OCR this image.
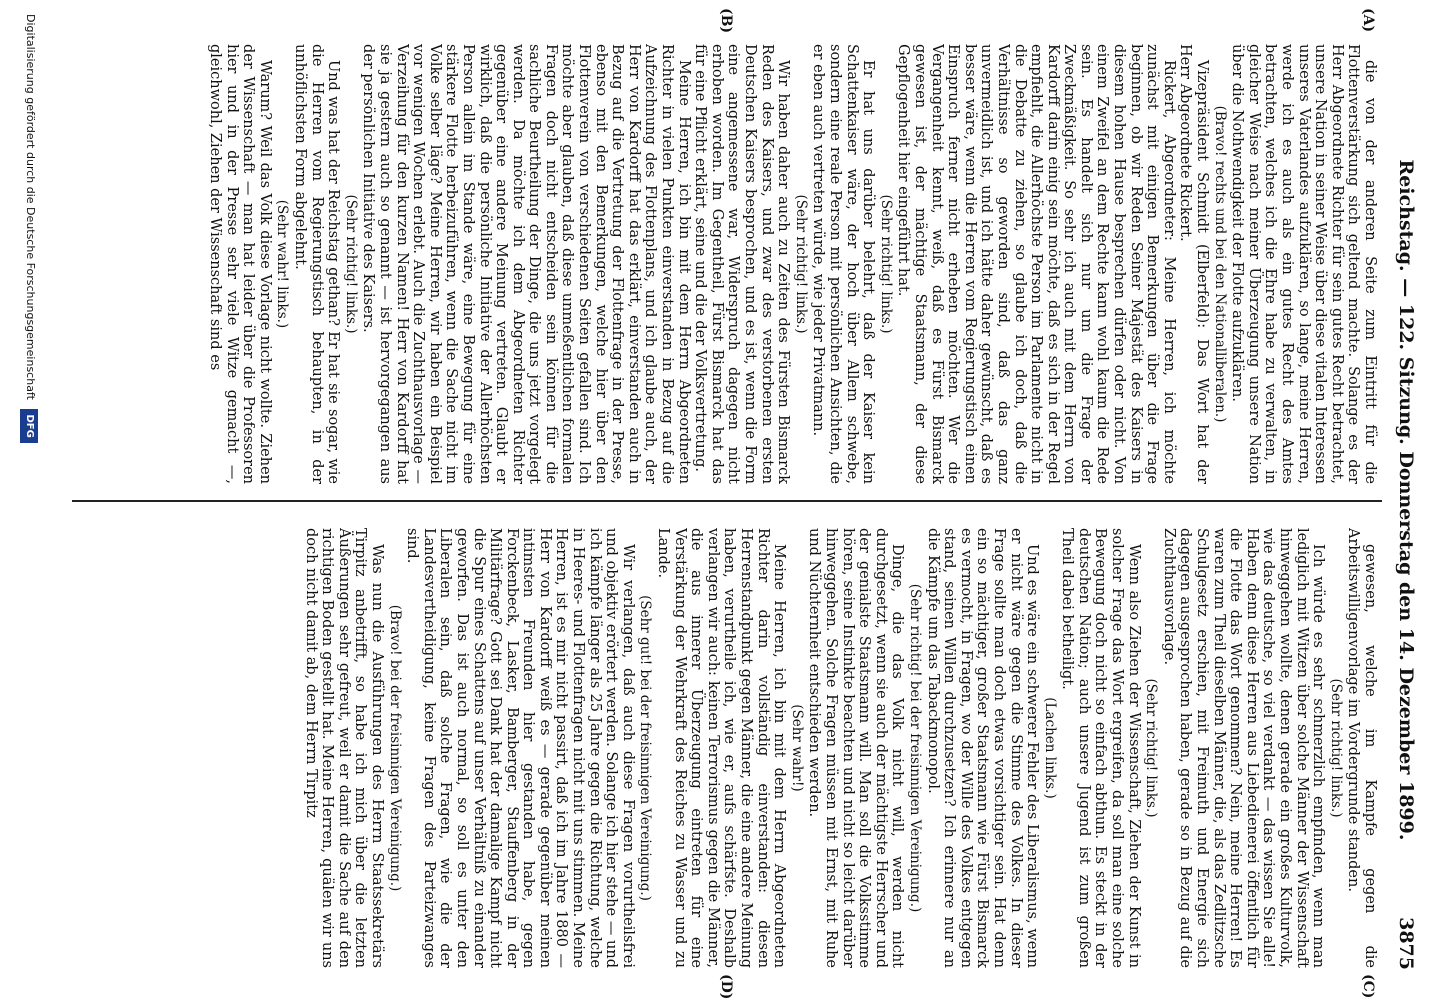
Reichstag. — 122. Sitzung. Donnerstag den 14. Dezember 1899.
3875
(A)
(B)
(C)
(D)

die von der anderen Seite zum Eintritt für die Flottenverstärkung sich geltend machte. Solange es der Herr Abgeordnete Richter für sein gutes Recht betrachtet, unsere Nation in seiner Weise über diese vitalen Interessen unseres Vaterlandes aufzuklären, so lange, meine Herren, werde ich es auch als ein gutes Recht des Amtes betrachten, welches ich die Ehre habe zu verwalten, in gleicher Weise nach meiner Überzeugung unsere Nation über die Nothwendigkeit der Flotte aufzuklären.

(Bravo! rechts und bei den Nationalliberalen.)

Vizepräsident Schmidt (Elberfeld): Das Wort hat der Herr Abgeordnete Rickert.

Rickert, Abgeordneter: Meine Herren, ich möchte zunächst mit einigen Bemerkungen über die Frage beginnen, ob wir Reden Seiner Majestät des Kaisers in diesem hohen Hause besprechen dürfen oder nicht. Von einem Zweifel an dem Rechte kann wohl kaum die Rede sein. Es handelt sich nur um die Frage der Zweckmäßigkeit. So sehr ich auch mit dem Herrn von Kardorff darin einig sein möchte, daß es sich in der Regel empfiehlt, die Allerhöchste Person im Parlamente nicht in die Debatte zu ziehen, so glaube ich doch, daß die Verhältnisse so geworden sind, daß das ganz unvermeidlich ist, und ich hätte daher gewünscht, daß es besser wäre, wenn die Herren vom Regierungstisch einen Einspruch ferner nicht erheben möchten. Wer die Vergangenheit kennt, weiß, daß es Fürst Bismarck gewesen ist, der mächtige Staatsmann, der diese Gepflogenheit hier eingeführt hat.

(Sehr richtig! links.)

Er hat uns darüber belehrt, daß der Kaiser kein Schattenkaiser wäre, der hoch über Allem schwebe, sondern eine reale Person mit persönlichen Ansichten, die er eben auch vertreten würde, wie jeder Privatmann.

(Sehr richtig! links.)

Wir haben daher auch zu Zeiten des Fürsten Bismarck Reden des Kaisers, und zwar des verstorbenen ersten Deutschen Kaisers besprochen, und es ist, wenn die Form eine angemessene war, Widerspruch dagegen nicht erhoben worden. Im Gegentheil, Fürst Bismarck hat das für eine Pflicht erklärt, seine und die der Volksvertretung.

Meine Herren, ich bin mit dem Herrn Abgeordneten Richter in vielen Punkten einverstanden in Bezug auf die Aufzeichnung des Flottenplans, und ich glaube auch, der Herr von Kardorff hat das erklärt, einverstanden auch in Bezug auf die Vertretung der Flottenfrage in der Presse, ebenso mit den Bemerkungen, welche hier über den Flottenverein von verschiedenen Seiten gefallen sind. Ich möchte aber glauben, daß diese unmeßentlichen formalen Fragen doch nicht entscheiden sein können für die sachliche Beurtheilung der Dinge, die uns jetzt vorgelegt werden. Da möchte ich dem Abgeordneten Richter gegenüber eine andere Meinung vertreten. Glaubt er wirklich, daß die persönliche Initiative der Allerhöchsten Person allein im Stande wäre, eine Bewegung für eine stärkere Flotte herbeizuführen, wenn die Sache nicht im Volke selber läge? Meine Herren, wir haben ein Beispiel vor wenigen Wochen erlebt. Auch die Zuchthausvorlage — Verzeihung für den kurzen Namen! Herr von Kardorff hat sie ja gestern auch so genannt — ist hervorgegangen aus der persönlichen Initiative des Kaisers.

(Sehr richtig! links.)

Und was hat der Reichstag gethan? Er hat sie sogar, wie die Herren vom Regierungstisch behaupten, in der unhöflichsten Form abgelehnt.

(Sehr wahr! links.)

Warum? Weil das Volk diese Vorlage nicht wollte. Ziehen der Wissenschaft — man hat leider über die Professoren hier und in der Presse sehr viele Witze gemacht —, gleichwohl, Ziehen der Wissenschaft sind es

gewesen, welche im Kampfe gegen die Arbeitswilligenvorlage im Vordergrunde standen.

(Sehr richtig! links.)

Ich würde es sehr schmerzlich empfinden, wenn man lediglich mit Witzen über solche Männer der Wissenschaft hinweggehen wollte, denen gerade ein großes Kulturvolk, wie das deutsche, so viel verdankt — das wissen Sie alle! Haben denn diese Herren aus Liebedienerei öffentlich für die Flotte das Wort genommen? Nein, meine Herren! Es waren zum Theil dieselben Männer, die, als das Zedlitzsche Schulgesetz erschien, mit Freimuth und Energie sich dagegen ausgesprochen haben, gerade so in Bezug auf die Zuchthausvorlage.

(Sehr richtig! links.)

Wenn also Ziehen der Wissenschaft, Ziehen der Kunst in solcher Frage das Wort ergreifen, da soll man eine solche Bewegung doch nicht so einfach abthun. Es steckt in der deutschen Nation; auch unsere Jugend ist zum großen Theil dabei betheiligt.

(Lachen links.)

Und es wäre ein schwerer Fehler des Liberalismus, wenn er nicht wäre gegen die Stimme des Volkes. In dieser Frage sollte man doch etwas vorsichtiger sein. Hat denn ein so mächtiger, großer Staatsmann wie Fürst Bismarck es vermocht, in Fragen, wo der Wille des Volkes entgegen stand, seinen Willen durchzusetzen? Ich erinnere nur an die Kämpfe um das Tabackmonopol.

(Sehr richtig! bei der freisinnigen Vereinigung.)

Dinge, die das Volk nicht will, werden nicht durchgesetzt, wenn sie auch der mächtigste Herrscher und der genialste Staatsmann will. Man soll die Volksstimme hören, seine Instinkte beachten und nicht so leicht darüber hinweggehen. Solche Fragen müssen mit Ernst, mit Ruhe und Nüchternheit entschieden werden.

(Sehr wahr!)

Meine Herren, ich bin mit dem Herrn Abgeordneten Richter darin vollständig einverstanden: diesen Herrenstandpunkt gegen Männer, die eine andere Meinung haben, verurtheile ich, wie er, aufs schärfste. Deshalb verlangen wir auch: keinen Terrorismus gegen die Männer, die aus innerer Überzeugung eintreten für eine Verstärkung der Wehrkraft des Reiches zu Wasser und zu Lande.

(Sehr gut! bei der freisinnigen Vereinigung.)

Wir verlangen, daß auch diese Fragen vorurtheilsfrei und objektiv erörtert werden. Solange ich hier stehe — und ich kämpfe länger als 25 Jahre gegen die Richtung, welche in Heeres- und Flottenfragen nicht mit uns stimmen. Meine Herren, ist es mir nicht passirt, daß ich im Jahre 1880 — Herr von Kardorff weiß es — gerade gegenüber meinen intimsten Freunden hier gestanden habe, gegen Forckenbeck, Lasker, Bamberger, Stauffenberg in der Militärfrage? Gott sei Dank hat der damalige Kampf nicht die Spur eines Schattens auf unser Verhältniß zu einander geworfen. Das ist auch normal, so soll es unter den Liberalen sein, daß solche Fragen, wie die der Landesvertheidigung, keine Fragen des Parteizwanges sind.

(Bravo! bei der freisinnigen Vereinigung.)

Was nun die Ausführungen des Herrn Staatssekretärs Tirpitz anbetrifft, so habe ich mich über die letzten Äußerungen sehr gefreut, weil er damit die Sache auf den richtigen Boden gestellt hat. Meine Herren, quälen wir uns doch nicht damit ab, dem Herrn Tirpitz

Digitalisierung gefördert durch die Deutsche Forschungsgemeinschaft DFG
